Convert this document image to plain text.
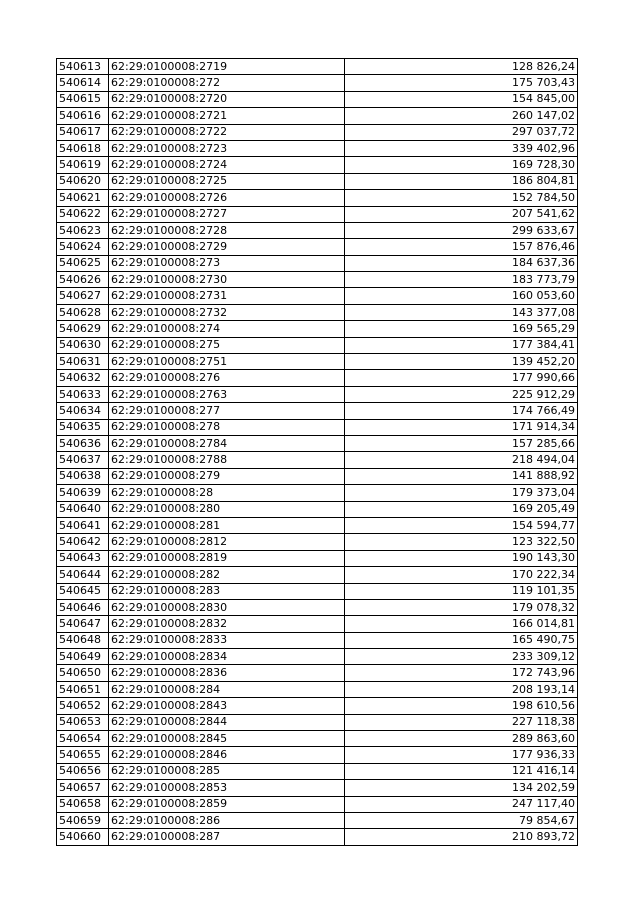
540613	62:29:0100008:2719	128 826,24
540614	62:29:0100008:272	175 703,43
540615	62:29:0100008:2720	154 845,00
540616	62:29:0100008:2721	260 147,02
540617	62:29:0100008:2722	297 037,72
540618	62:29:0100008:2723	339 402,96
540619	62:29:0100008:2724	169 728,30
540620	62:29:0100008:2725	186 804,81
540621	62:29:0100008:2726	152 784,50
540622	62:29:0100008:2727	207 541,62
540623	62:29:0100008:2728	299 633,67
540624	62:29:0100008:2729	157 876,46
540625	62:29:0100008:273	184 637,36
540626	62:29:0100008:2730	183 773,79
540627	62:29:0100008:2731	160 053,60
540628	62:29:0100008:2732	143 377,08
540629	62:29:0100008:274	169 565,29
540630	62:29:0100008:275	177 384,41
540631	62:29:0100008:2751	139 452,20
540632	62:29:0100008:276	177 990,66
540633	62:29:0100008:2763	225 912,29
540634	62:29:0100008:277	174 766,49
540635	62:29:0100008:278	171 914,34
540636	62:29:0100008:2784	157 285,66
540637	62:29:0100008:2788	218 494,04
540638	62:29:0100008:279	141 888,92
540639	62:29:0100008:28	179 373,04
540640	62:29:0100008:280	169 205,49
540641	62:29:0100008:281	154 594,77
540642	62:29:0100008:2812	123 322,50
540643	62:29:0100008:2819	190 143,30
540644	62:29:0100008:282	170 222,34
540645	62:29:0100008:283	119 101,35
540646	62:29:0100008:2830	179 078,32
540647	62:29:0100008:2832	166 014,81
540648	62:29:0100008:2833	165 490,75
540649	62:29:0100008:2834	233 309,12
540650	62:29:0100008:2836	172 743,96
540651	62:29:0100008:284	208 193,14
540652	62:29:0100008:2843	198 610,56
540653	62:29:0100008:2844	227 118,38
540654	62:29:0100008:2845	289 863,60
540655	62:29:0100008:2846	177 936,33
540656	62:29:0100008:285	121 416,14
540657	62:29:0100008:2853	134 202,59
540658	62:29:0100008:2859	247 117,40
540659	62:29:0100008:286	79 854,67
540660	62:29:0100008:287	210 893,72
